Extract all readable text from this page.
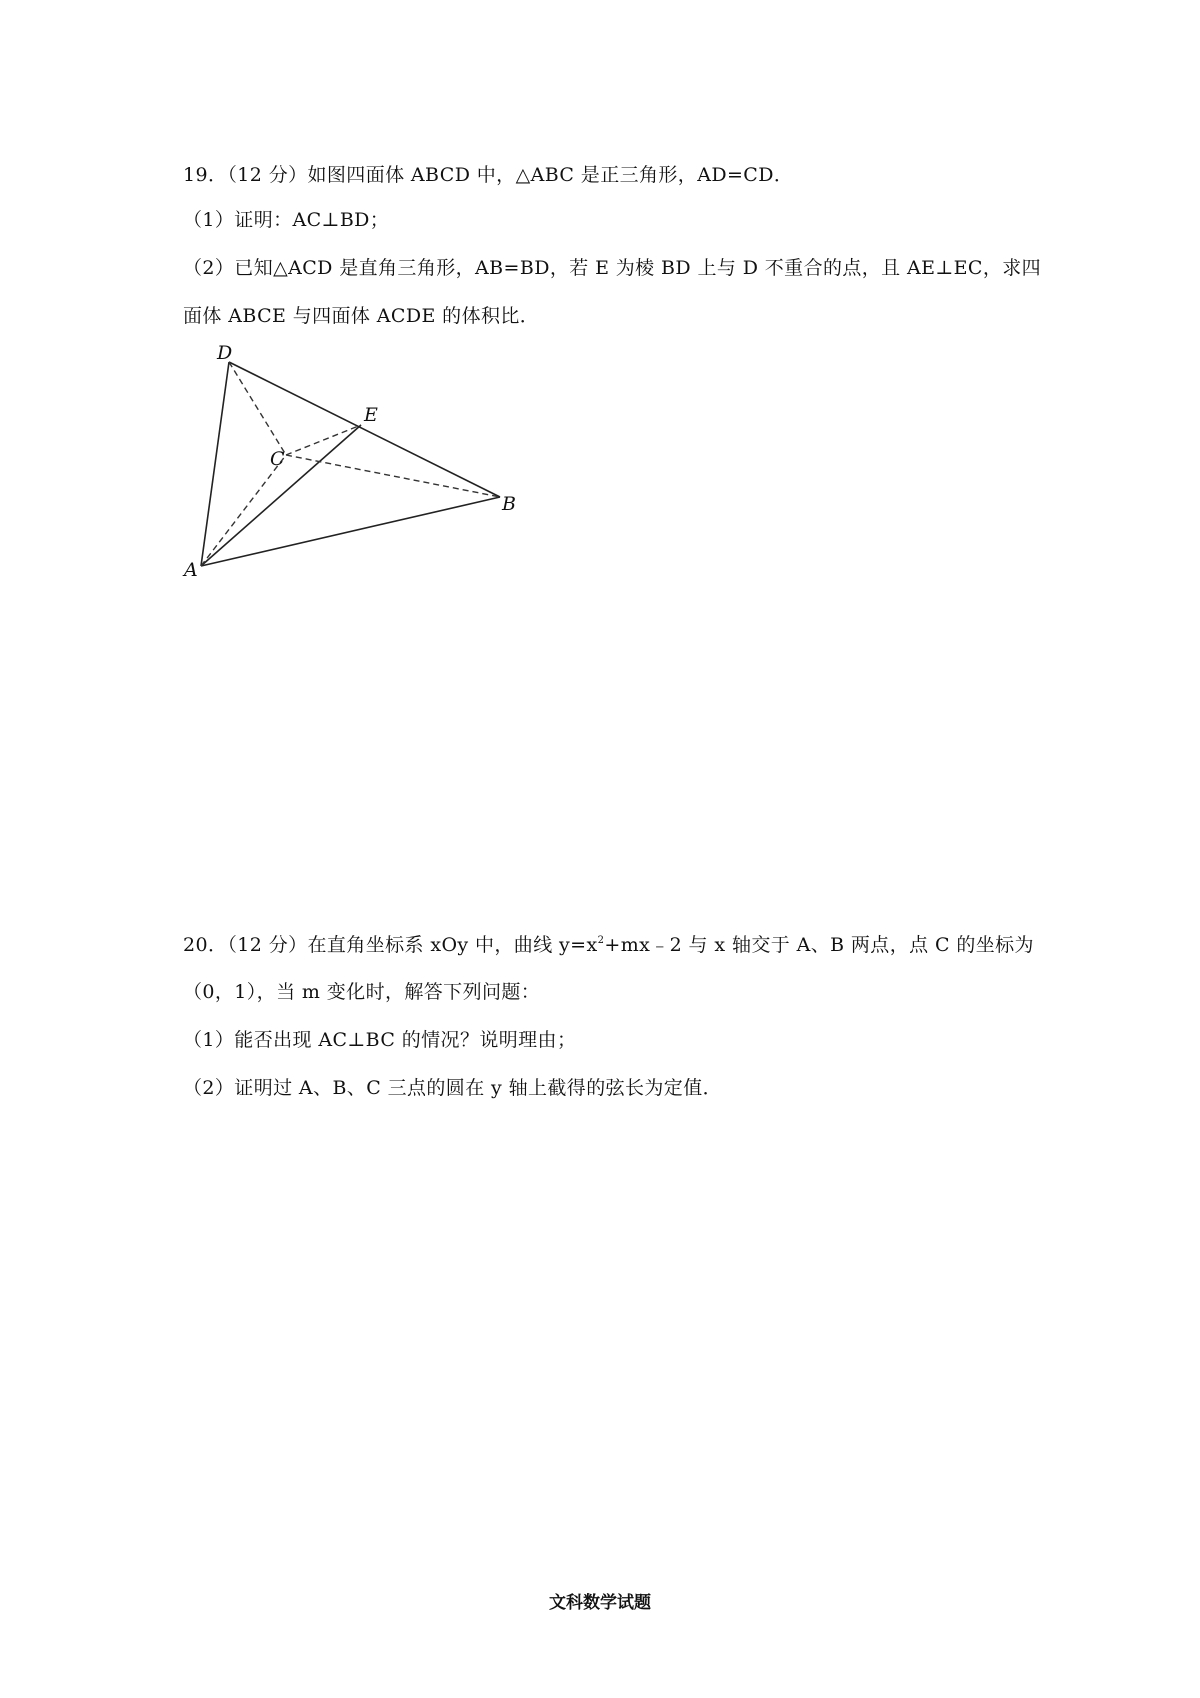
19．（12 分）如图四面体 ABCD 中，△ABC 是正三角形，AD=CD．
（1）证明：AC⊥BD；
（2）已知△ACD 是直角三角形，AB=BD，若 E 为棱 BD 上与 D 不重合的点，且 AE⊥EC，求四
面体 ABCE 与四面体 ACDE 的体积比．
D
E
C
B
A
20．（12 分）在直角坐标系 xOy 中，曲线 $y=x^2+mx﹣2$ 与 x 轴交于 A、B 两点，点 C 的坐标为
（0，1），当 m 变化时，解答下列问题：
（1）能否出现 AC⊥BC 的情况？说明理由；
（2）证明过 A、B、C 三点的圆在 y 轴上截得的弦长为定值．
文科数学试题
